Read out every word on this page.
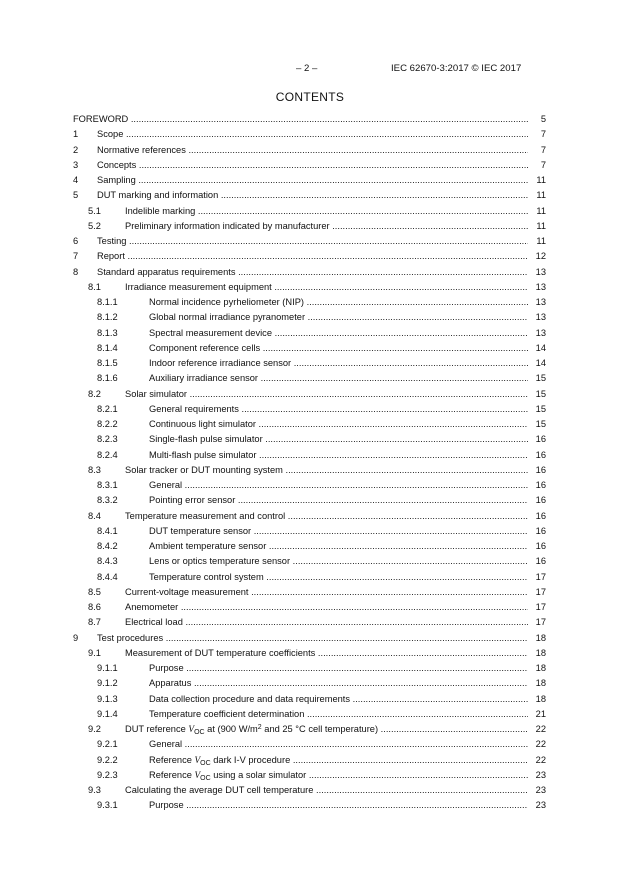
– 2 –	IEC 62670-3:2017 © IEC 2017
CONTENTS
FOREWORD .....	5
1 Scope .....	7
2 Normative references .....	7
3 Concepts .....	7
4 Sampling .....	11
5 DUT marking and information .....	11
5.1	Indelible marking .....	11
5.2	Preliminary information indicated by manufacturer .....	11
6 Testing .....	11
7 Report .....	12
8 Standard apparatus requirements .....	13
8.1	Irradiance measurement equipment .....	13
8.1.1	Normal incidence pyrheliometer (NIP) .....	13
8.1.2	Global normal irradiance pyranometer .....	13
8.1.3	Spectral measurement device .....	13
8.1.4	Component reference cells .....	14
8.1.5	Indoor reference irradiance sensor .....	14
8.1.6	Auxiliary irradiance sensor .....	15
8.2	Solar simulator .....	15
8.2.1	General requirements .....	15
8.2.2	Continuous light simulator .....	15
8.2.3	Single-flash pulse simulator .....	16
8.2.4	Multi-flash pulse simulator .....	16
8.3	Solar tracker or DUT mounting system .....	16
8.3.1	General .....	16
8.3.2	Pointing error sensor .....	16
8.4	Temperature measurement and control .....	16
8.4.1	DUT temperature sensor .....	16
8.4.2	Ambient temperature sensor .....	16
8.4.3	Lens or optics temperature sensor .....	16
8.4.4	Temperature control system .....	17
8.5	Current-voltage measurement .....	17
8.6	Anemometer .....	17
8.7	Electrical load .....	17
9 Test procedures .....	18
9.1	Measurement of DUT temperature coefficients .....	18
9.1.1	Purpose .....	18
9.1.2	Apparatus .....	18
9.1.3	Data collection procedure and data requirements .....	18
9.1.4	Temperature coefficient determination .....	21
9.2	DUT reference $V_{OC}$ at (900 $W/m^2$ and 25 °C cell temperature) .....	22
9.2.1	General .....	22
9.2.2	Reference $V_{OC}$ dark I-V procedure .....	22
9.2.3	Reference $V_{OC}$ using a solar simulator .....	23
9.3	Calculating the average DUT cell temperature .....	23
9.3.1	Purpose .....	23
